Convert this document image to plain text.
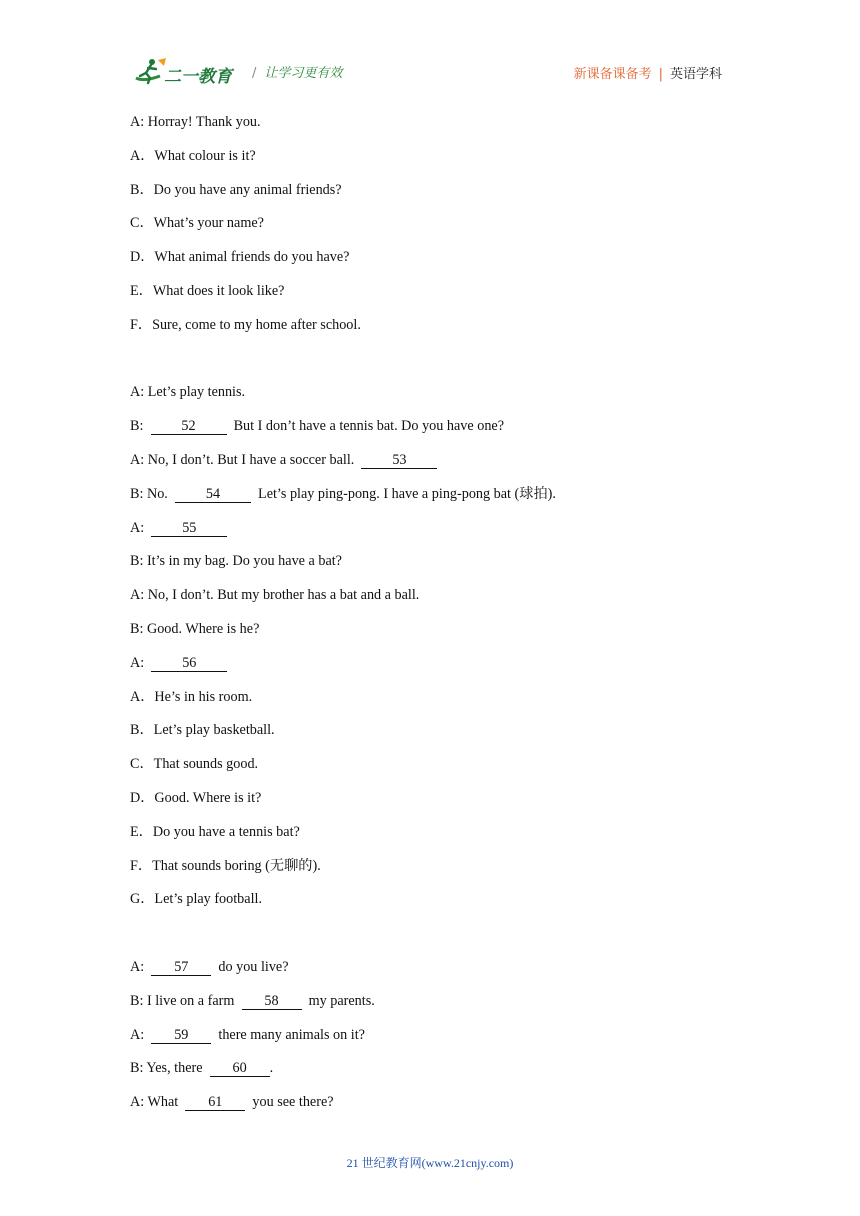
二一教育 / 让学习更有效	新课备课备考 | 英语学科
A: Horray! Thank you.
A．What colour is it?
B．Do you have any animal friends?
C．What’s your name?
D．What animal friends do you have?
E．What does it look like?
F．Sure, come to my home after school.
A: Let’s play tennis.
B:	52	But I don’t have a tennis bat. Do you have one?
A: No, I don’t. But I have a soccer ball.	53
B: No.	54	Let’s play ping-pong. I have a ping-pong bat (球拍).
A:	55
B: It’s in my bag. Do you have a bat?
A: No, I don’t. But my brother has a bat and a ball.
B: Good. Where is he?
A:	56
A．He’s in his room.
B．Let’s play basketball.
C．That sounds good.
D．Good. Where is it?
E．Do you have a tennis bat?
F．That sounds boring (无聊的).
G．Let’s play football.
A: 57 do you live?
B: I live on a farm 58 my parents.
A: 59 there many animals on it?
B: Yes, there 60 .
A: What 61 you see there?
21 世纪教育网(www.21cnjy.com)
